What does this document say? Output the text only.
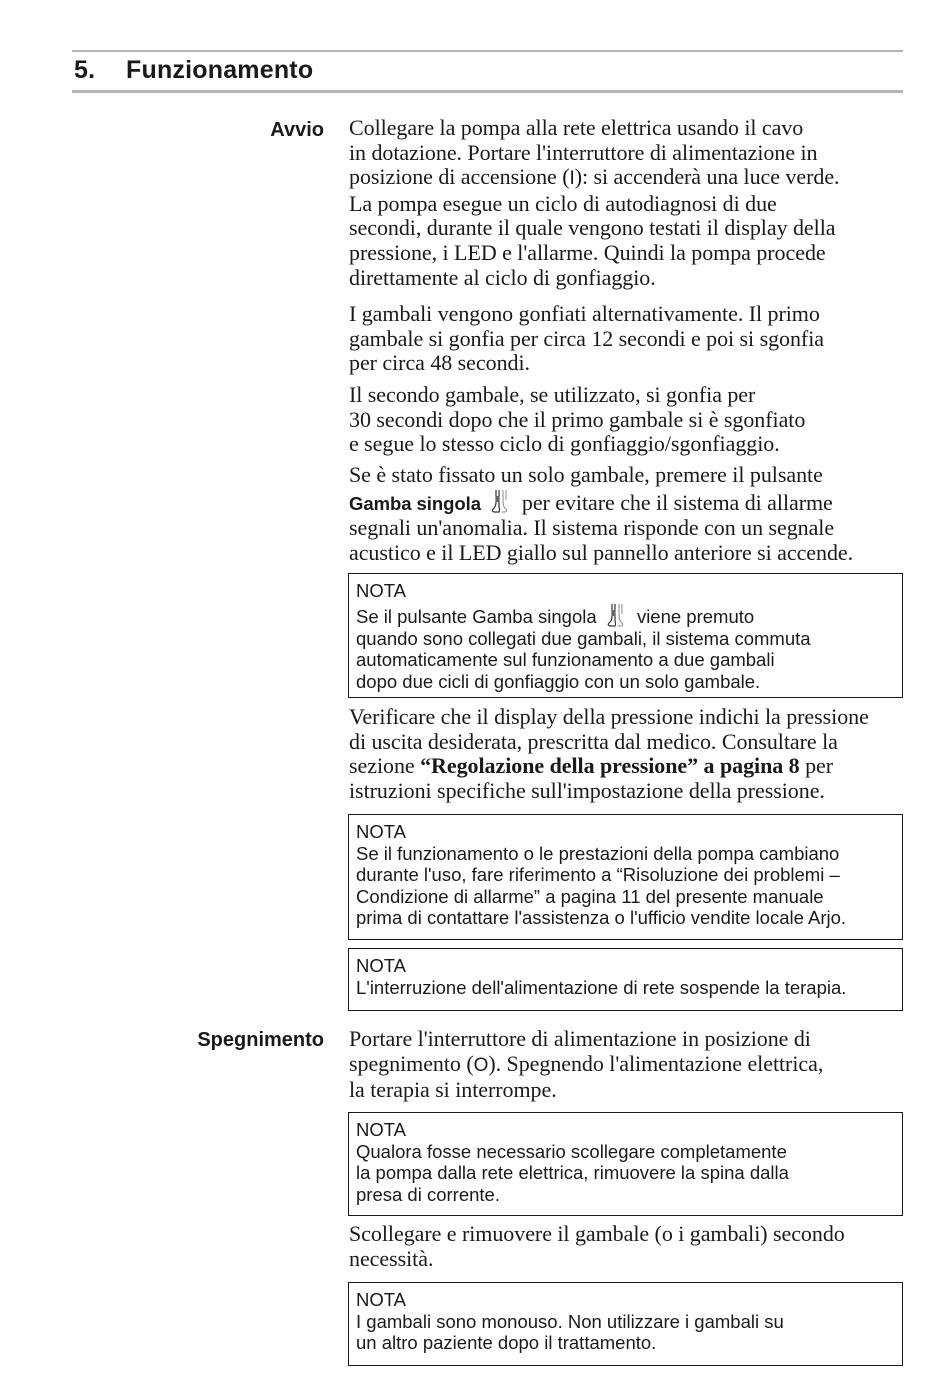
5. Funzionamento
Avvio Collegare la pompa alla rete elettrica usando il cavo
in dotazione. Portare l'interruttore di alimentazione in
posizione di accensione (I): si accenderà una luce verde.
La pompa esegue un ciclo di autodiagnosi di due
secondi, durante il quale vengono testati il display della
pressione, i LED e l'allarme. Quindi la pompa procede
direttamente al ciclo di gonfiaggio.

I gambali vengono gonfiati alternativamente. Il primo
gambale si gonfia per circa 12 secondi e poi si sgonfia
per circa 48 secondi.

Il secondo gambale, se utilizzato, si gonfia per
30 secondi dopo che il primo gambale si è sgonfiato
e segue lo stesso ciclo di gonfiaggio/sgonfiaggio.

Se è stato fissato un solo gambale, premere il pulsante
Gamba singola per evitare che il sistema di allarme
segnali un'anomalia. Il sistema risponde con un segnale
acustico e il LED giallo sul pannello anteriore si accende.

NOTA
Se il pulsante Gamba singola viene premuto
quando sono collegati due gambali, il sistema commuta
automaticamente sul funzionamento a due gambali
dopo due cicli di gonfiaggio con un solo gambale.

Verificare che il display della pressione indichi la pressione
di uscita desiderata, prescritta dal medico. Consultare la
sezione “Regolazione della pressione” a pagina 8 per
istruzioni specifiche sull'impostazione della pressione.

NOTA
Se il funzionamento o le prestazioni della pompa cambiano
durante l'uso, fare riferimento a “Risoluzione dei problemi –
Condizione di allarme” a pagina 11 del presente manuale
prima di contattare l'assistenza o l'ufficio vendite locale Arjo.
NOTA
L'interruzione dell'alimentazione di rete sospende la terapia.
Spegnimento Portare l'interruttore di alimentazione in posizione di
spegnimento (O). Spegnendo l'alimentazione elettrica,
la terapia si interrompe.

NOTA
Qualora fosse necessario scollegare completamente
la pompa dalla rete elettrica, rimuovere la spina dalla
presa di corrente.

Scollegare e rimuovere il gambale (o i gambali) secondo
necessità.

NOTA
I gambali sono monouso. Non utilizzare i gambali su
un altro paziente dopo il trattamento.
